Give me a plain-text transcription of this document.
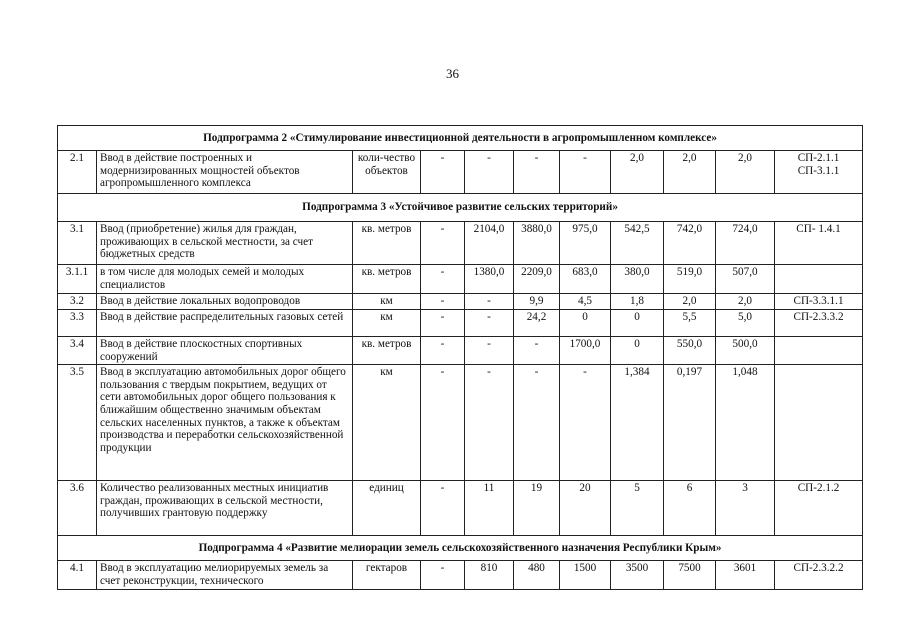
36
Подпрограмма 2 «Стимулирование инвестиционной деятельности в агропромышленном комплексе»										
2.1	Ввод в действие построенных и модернизированных мощностей объектов агропромышленного комплекса	коли-чество объектов	-	-	-	-	2,0	2,0	2,0	СП-2.1.1 СП-3.1.1
Подпрограмма 3 «Устойчивое развитие сельских территорий»										
3.1	Ввод (приобретение) жилья для граждан, проживающих в сельской местности, за счет бюджетных средств	кв. метров	-	2104,0	3880,0	975,0	542,5	742,0	724,0	СП- 1.4.1
3.1.1	в том числе для молодых семей и молодых специалистов	кв. метров	-	1380,0	2209,0	683,0	380,0	519,0	507,0	
3.2	Ввод в действие локальных водопроводов	км	-	-	9,9	4,5	1,8	2,0	2,0	СП-3.3.1.1
3.3	Ввод в действие распределительных газовых сетей	км	-	-	24,2	0	0	5,5	5,0	СП-2.3.3.2
3.4	Ввод в действие плоскостных спортивных сооружений	кв. метров	-	-	-	1700,0	0	550,0	500,0	
3.5	Ввод в эксплуатацию автомобильных дорог общего пользования с твердым покрытием, ведущих от сети автомобильных дорог общего пользования к ближайшим общественно значимым объектам сельских населенных пунктов, а также к объектам производства и переработки сельскохозяйственной продукции	км	-	-	-	-	1,384	0,197	1,048	
3.6	Количество реализованных местных инициатив граждан, проживающих в сельской местности, получивших грантовую поддержку	единиц	-	11	19	20	5	6	3	СП-2.1.2
Подпрограмма 4 «Развитие мелиорации земель сельскохозяйственного назначения Республики Крым»										
4.1	Ввод в эксплуатацию мелиорируемых земель за счет реконструкции, технического	гектаров	-	810	480	1500	3500	7500	3601	СП-2.3.2.2
